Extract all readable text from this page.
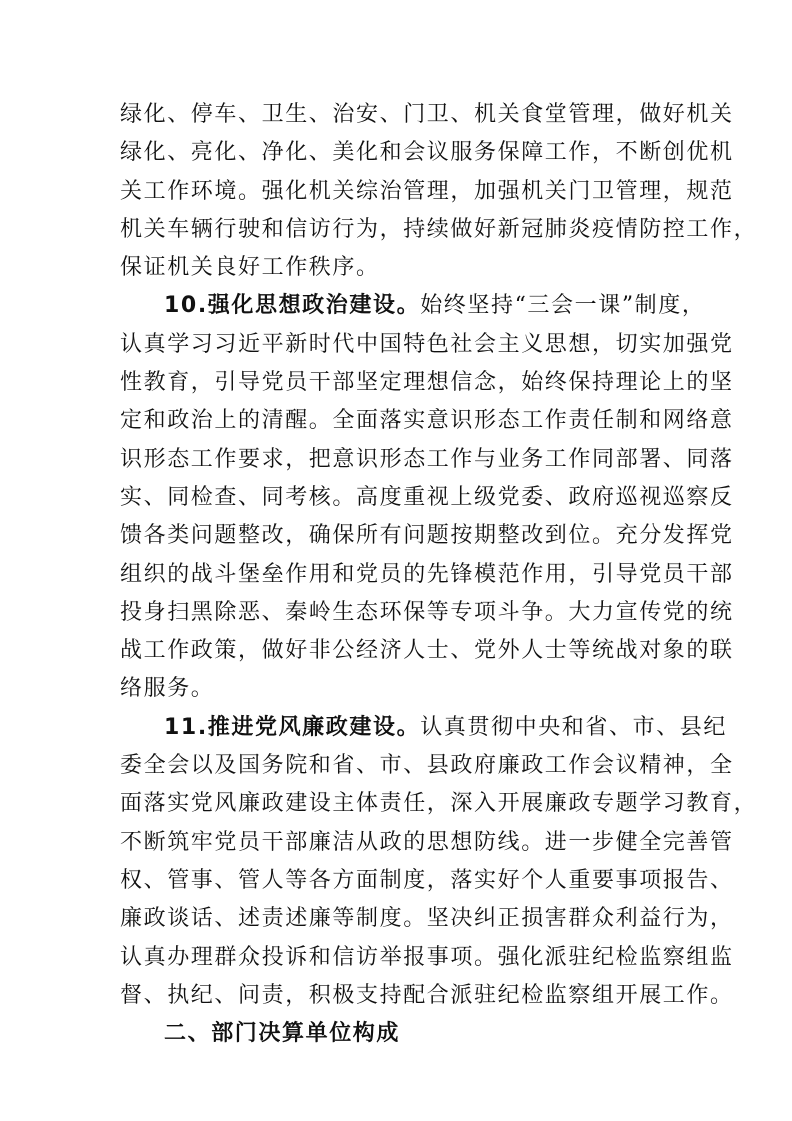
绿化、停车、卫生、治安、门卫、机关食堂管理，做好机关
绿化、亮化、净化、美化和会议服务保障工作，不断创优机
关工作环境。强化机关综治管理，加强机关门卫管理，规范
机关车辆行驶和信访行为，持续做好新冠肺炎疫情防控工作，
保证机关良好工作秩序。
10.强化思想政治建设。始终坚持“三会一课”制度，
认真学习习近平新时代中国特色社会主义思想，切实加强党
性教育，引导党员干部坚定理想信念，始终保持理论上的坚
定和政治上的清醒。全面落实意识形态工作责任制和网络意
识形态工作要求，把意识形态工作与业务工作同部署、同落
实、同检查、同考核。高度重视上级党委、政府巡视巡察反
馈各类问题整改，确保所有问题按期整改到位。充分发挥党
组织的战斗堡垒作用和党员的先锋模范作用，引导党员干部
投身扫黑除恶、秦岭生态环保等专项斗争。大力宣传党的统
战工作政策，做好非公经济人士、党外人士等统战对象的联
络服务。
11.推进党风廉政建设。认真贯彻中央和省、市、县纪
委全会以及国务院和省、市、县政府廉政工作会议精神，全
面落实党风廉政建设主体责任，深入开展廉政专题学习教育，
不断筑牢党员干部廉洁从政的思想防线。进一步健全完善管
权、管事、管人等各方面制度，落实好个人重要事项报告、
廉政谈话、述责述廉等制度。坚决纠正损害群众利益行为，
认真办理群众投诉和信访举报事项。强化派驻纪检监察组监
督、执纪、问责，积极支持配合派驻纪检监察组开展工作。
二、部门决算单位构成
